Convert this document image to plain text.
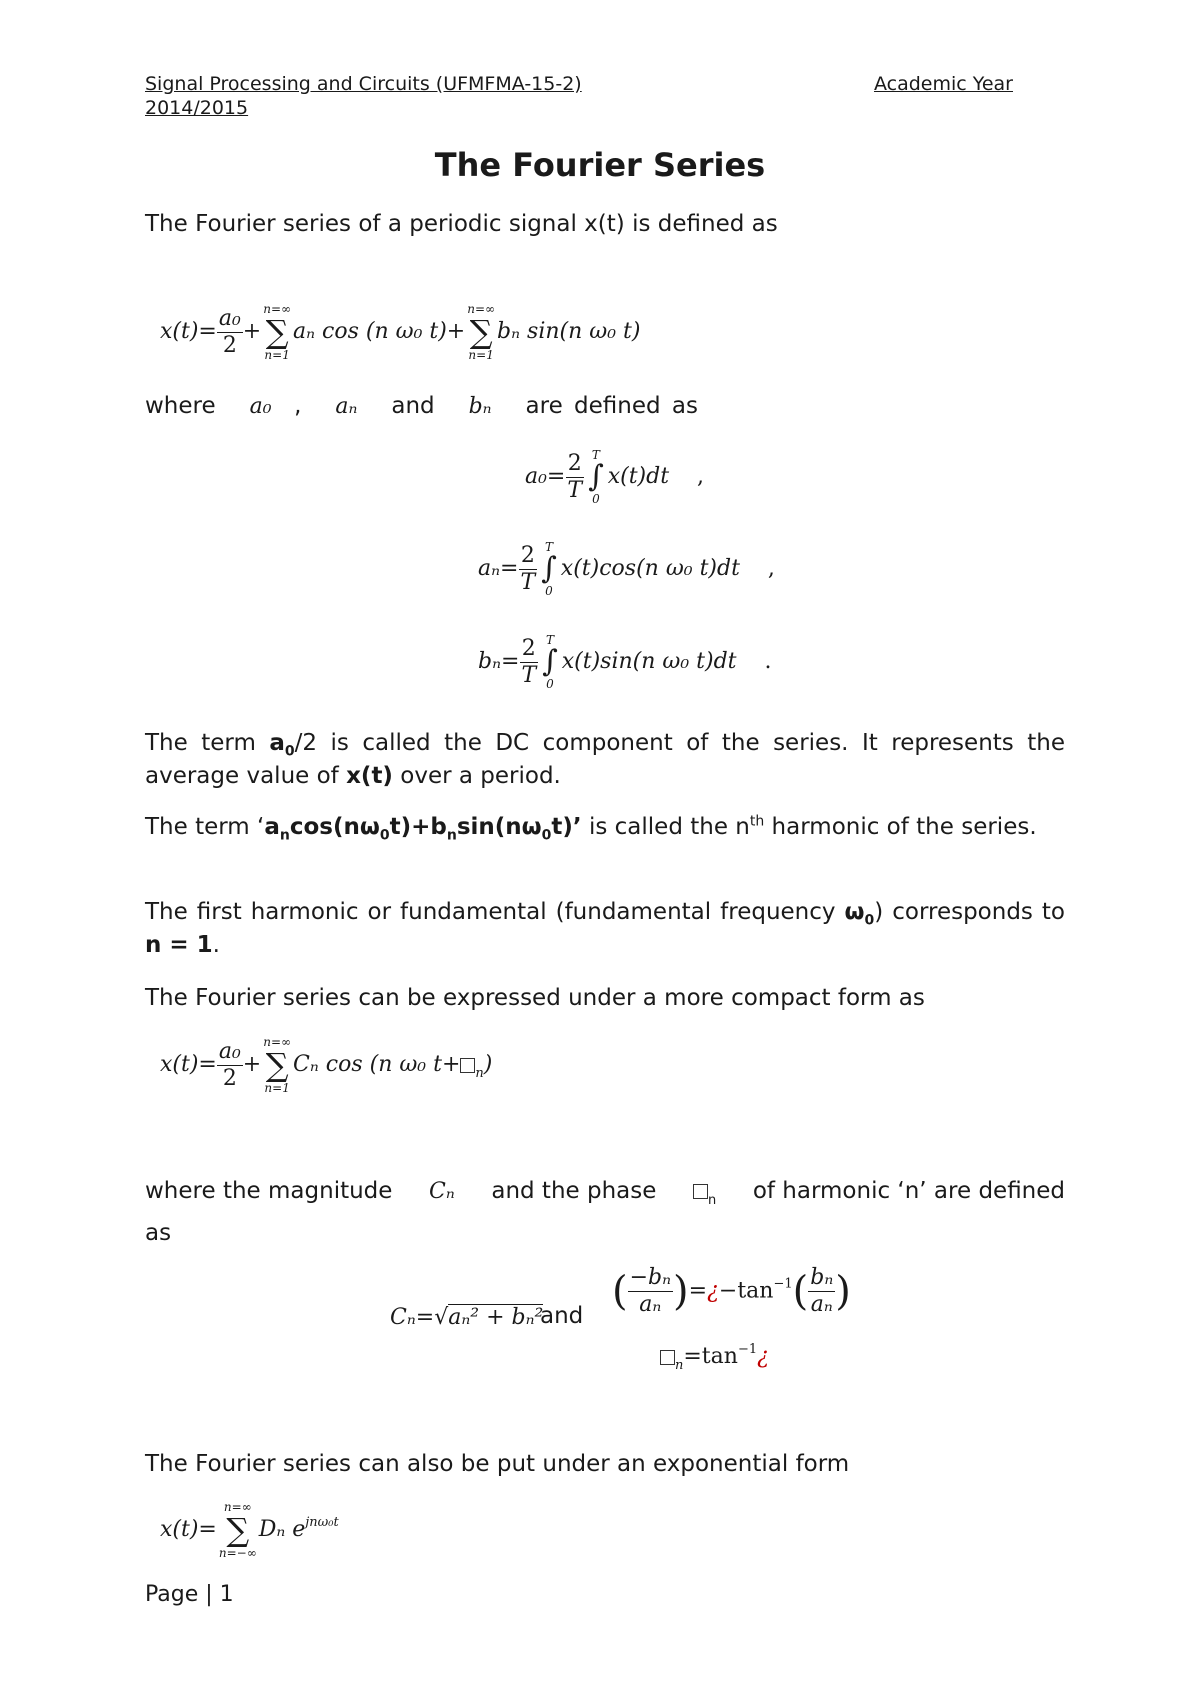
Signal Processing and Circuits (UFMFMA-15-2)	Academic Year
2014/2015
The Fourier Series
The Fourier series of a periodic signal x(t) is defined as
$x(t)= \frac{\text{a₀}}{2}$ +
n=∞
∑
n=1
aₙ cos (n ω₀ t)+
n=∞
∑
n=1
bₙ sin(n ω₀ t)
where a₀ , aₙ and bₙ are defined as
$a_0= \frac{2}{T}$ T
∫
0
x(t)dt ,
$a_n= \frac{2}{T}$ T
∫
0
x(t)cos(n ω₀ t)dt ,
$b_n= \frac{2}{T}$ T
∫
0
x(t)sin(n ω₀ t)dt .
The term $a_0/2$ is called the DC component of the series. It represents the average value of x(t) over a period.
The term ‘$a_n\cos(n\omega_0t)+b_n\sin(n\omega_0t)$’ is called the $n^{th}$ harmonic of the series.
The first harmonic or fundamental (fundamental frequency $\omega_0$) corresponds to n = 1.
The Fourier series can be expressed under a more compact form as
$x(t)= \frac{\text{a₀}}{2}$ +
n=∞
∑
n=1
Cₙ cos (n ω₀ t+ $_n$)
where the magnitude Cₙ and the phase	$_n$ of harmonic ‘n’ are defined as
Cₙ=√aₙ² + bₙ²
and
( $\frac{\text{−bₙ}}{\text{aₙ}}$ )$=¿-\tan^{-1}( \frac{\text{bₙ}}{\text{aₙ}}$ )
$_n=\tan^{-1}¿$
The Fourier series can also be put under an exponential form
x(t)=
n=∞
∑
n=−∞
Dₙ $e^{jn\omega_0t}$
Page | 1
